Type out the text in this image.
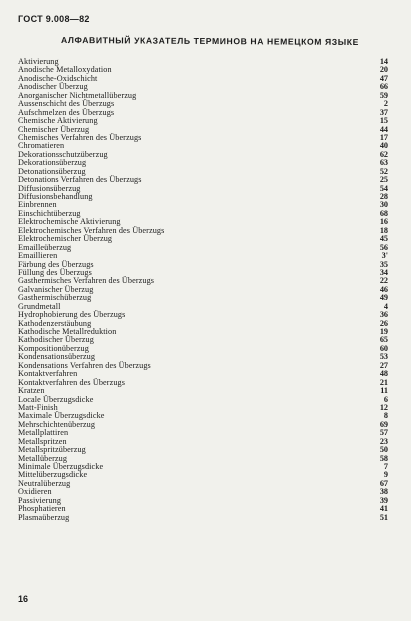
ГОСТ 9.008—82
АЛФАВИТНЫЙ УКАЗАТЕЛЬ ТЕРМИНОВ НА НЕМЕЦКОМ ЯЗЫКЕ
Aktivierung	14
Anodische Metalloxydation	20
Anodische-Oxidschicht	47
Anodischer Überzug	66
Anorganischer Nichtmetallüberzug	59
Aussenschicht des Überzugs	2
Aufschmelzen des Überzugs	37
Chemische Aktivierung	15
Chemischer Überzug	44
Chemisches Verfahren des Überzugs	17
Chromatieren	40
Dekorationsschutzüberzug	62
Dekorationsüberzug	63
Detonationsüberzug	52
Detonations Verfahren des Überzugs	25
Diffusionsüberzug	54
Diffusionsbehandlung	28
Einbrennen	30
Einschichtüberzug	68
Elektrochemische Aktivierung	16
Elektrochemisches Verfahren des Überzugs	18
Elektrochemischer Überzug	45
Emailleüberzug	56
Emaillieren	3'
Färbung des Überzugs	35
Füllung des Überzugs	34
Gasthermisches Verfahren des Überzugs	22
Galvanischer Überzug	46
Gasthermischüberzug	49
Grundmetall	4
Hydrophobierung des Überzugs	36
Kathodenzerstäubung	26
Kathodische Metallreduktion	19
Kathodischer Überzug	65
Kompositionüberzug	60
Kondensationsüberzug	53
Kondensations Verfahren des Überzugs	27
Kontaktverfahren	48
Kontaktverfahren des Überzugs	21
Kratzen	11
Locale Überzugsdicke	6
Matt-Finish	12
Maximale Überzugsdicke	8
Mehrschichtenüberzug	69
Metallplattiren	57
Metallspritzen	23
Metallspritzüberzug	50
Metallüberzug	58
Minimale Überzugsdicke	7
Mittelüberzugsdicke	9
Neutralüberzug	67
Oxidieren	38
Passivierung	39
Phosphatieren	41
Plasmaüberzug	51
16
